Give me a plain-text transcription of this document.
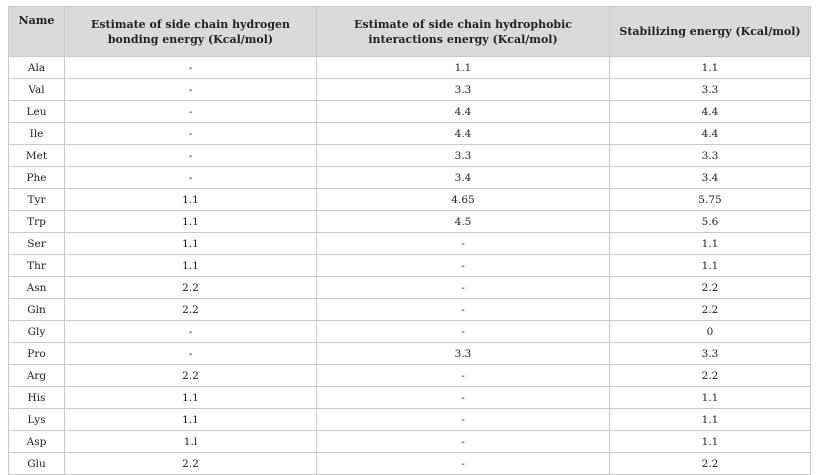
Name	Estimate of side chain hydrogen bonding energy (Kcal/mol)	Estimate of side chain hydrophobic interactions energy (Kcal/mol)	Stabilizing energy (Kcal/mol)
Ala	-	1.1	1.1
Val	-	3.3	3.3
Leu	-	4.4	4.4
Ile	-	4.4	4.4
Met	-	3.3	3.3
Phe	-	3.4	3.4
Tyr	1.1	4.65	5.75
Trp	1.1	4.5	5.6
Ser	1.1	-	1.1
Thr	1.1	-	1.1
Asn	2.2	-	2.2
Gln	2.2	-	2.2
Gly	-	-	0
Pro	-	3.3	3.3
Arg	2.2	-	2.2
His	1.1	-	1.1
Lys	1.1	-	1.1
Asp	1.l	-	1.1
Glu	2.2	-	2.2
